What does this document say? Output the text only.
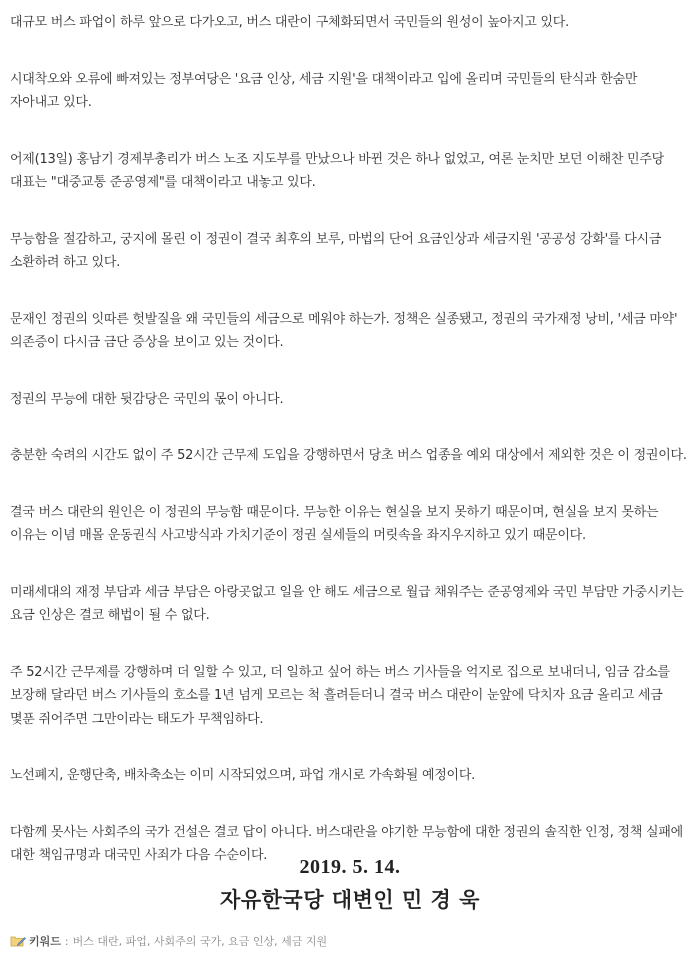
대규모 버스 파업이 하루 앞으로 다가오고, 버스 대란이 구체화되면서 국민들의 원성이 높아지고 있다.

시대착오와 오류에 빠져있는 정부여당은 '요금 인상, 세금 지원'을 대책이라고 입에 올리며 국민들의 탄식과 한숨만 자아내고 있다.

어제(13일) 홍남기 경제부총리가 버스 노조 지도부를 만났으나 바뀐 것은 하나 없었고, 여론 눈치만 보던 이해찬 민주당 대표는 "대중교통 준공영제"를 대책이라고 내놓고 있다.

무능함을 절감하고, 궁지에 몰린 이 정권이 결국 최후의 보루, 마법의 단어 요금인상과 세금지원 '공공성 강화'를 다시금 소환하려 하고 있다.

문재인 정권의 잇따른 헛발질을 왜 국민들의 세금으로 메워야 하는가. 정책은 실종됐고, 정권의 국가재정 낭비, '세금 마약' 의존증이 다시금 금단 증상을 보이고 있는 것이다.

정권의 무능에 대한 뒷감당은 국민의 몫이 아니다.

충분한 숙려의 시간도 없이 주 52시간 근무제 도입을 강행하면서 당초 버스 업종을 예외 대상에서 제외한 것은 이 정권이다.

결국 버스 대란의 원인은 이 정권의 무능함 때문이다. 무능한 이유는 현실을 보지 못하기 때문이며, 현실을 보지 못하는 이유는 이념 매몰 운동권식 사고방식과 가치기준이 정권 실세들의 머릿속을 좌지우지하고 있기 때문이다.

미래세대의 재정 부담과 세금 부담은 아랑곳없고 일을 안 해도 세금으로 월급 채워주는 준공영제와 국민 부담만 가중시키는 요금 인상은 결코 해법이 될 수 없다.

주 52시간 근무제를 강행하며 더 일할 수 있고, 더 일하고 싶어 하는 버스 기사들을 억지로 집으로 보내더니, 임금 감소를 보장해 달라던 버스 기사들의 호소를 1년 넘게 모르는 척 흘려듣더니 결국 버스 대란이 눈앞에 닥치자 요금 올리고 세금 몇푼 쥐어주면 그만이라는 태도가 무책임하다.

노선폐지, 운행단축, 배차축소는 이미 시작되었으며, 파업 개시로 가속화될 예정이다.

다함께 못사는 사회주의 국가 건설은 결코 답이 아니다. 버스대란을 야기한 무능함에 대한 정권의 솔직한 인정, 정책 실패에 대한 책임규명과 대국민 사죄가 다음 수순이다.

2019. 5. 14.
자유한국당 대변인 민 경 욱
키워드 : 버스 대란, 파업, 사회주의 국가, 요금 인상, 세금 지원
